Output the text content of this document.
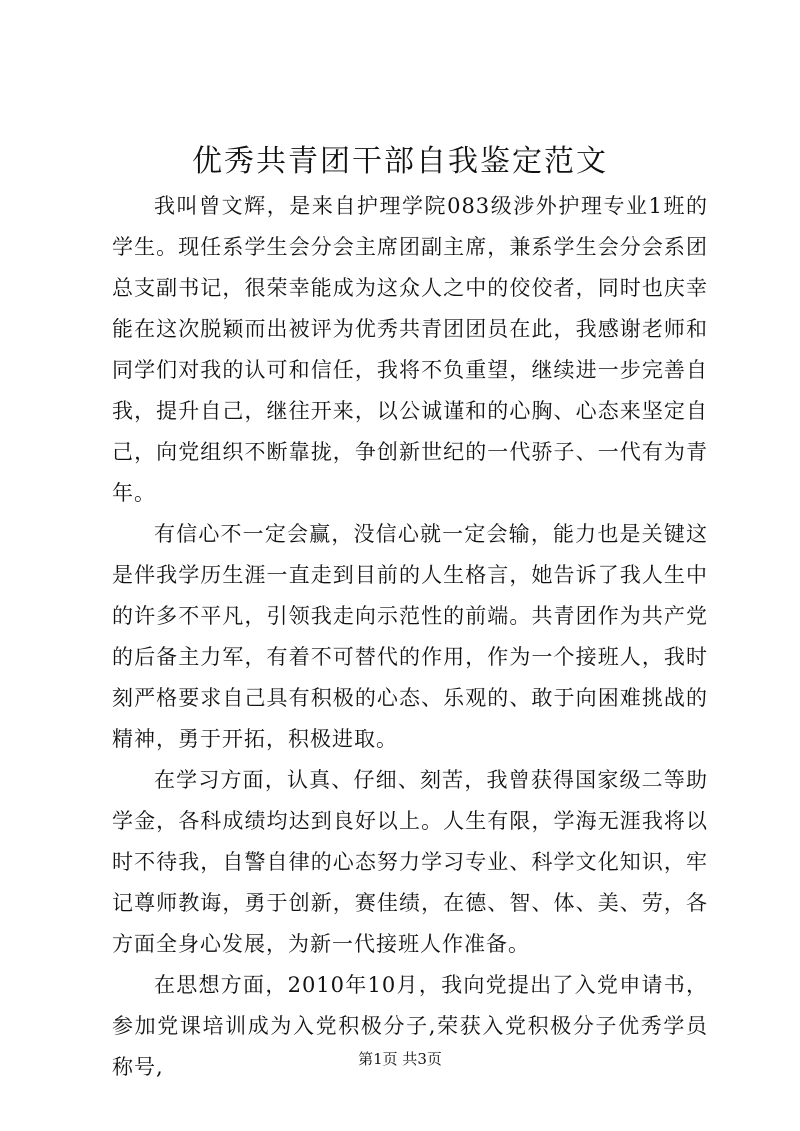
优秀共青团干部自我鉴定范文

我叫曾文辉，是来自护理学院083级涉外护理专业1班的学生。现任系学生会分会主席团副主席，兼系学生会分会系团总支副书记，很荣幸能成为这众人之中的佼佼者，同时也庆幸能在这次脱颖而出被评为优秀共青团团员在此，我感谢老师和同学们对我的认可和信任，我将不负重望，继续进一步完善自我，提升自己，继往开来，以公诚谨和的心胸、心态来坚定自己，向党组织不断靠拢，争创新世纪的一代骄子、一代有为青年。

有信心不一定会赢，没信心就一定会输，能力也是关键这是伴我学历生涯一直走到目前的人生格言，她告诉了我人生中的许多不平凡，引领我走向示范性的前端。共青团作为共产党的后备主力军，有着不可替代的作用，作为一个接班人，我时刻严格要求自己具有积极的心态、乐观的、敢于向困难挑战的精神，勇于开拓，积极进取。

在学习方面，认真、仔细、刻苦，我曾获得国家级二等助学金，各科成绩均达到良好以上。人生有限，学海无涯我将以时不待我，自警自律的心态努力学习专业、科学文化知识，牢记尊师教诲，勇于创新，赛佳绩，在德、智、体、美、劳，各方面全身心发展，为新一代接班人作准备。

在思想方面，2010年10月，我向党提出了入党申请书，参加党课培训成为入党积极分子,荣获入党积极分子优秀学员称号,	第1页 共3页
